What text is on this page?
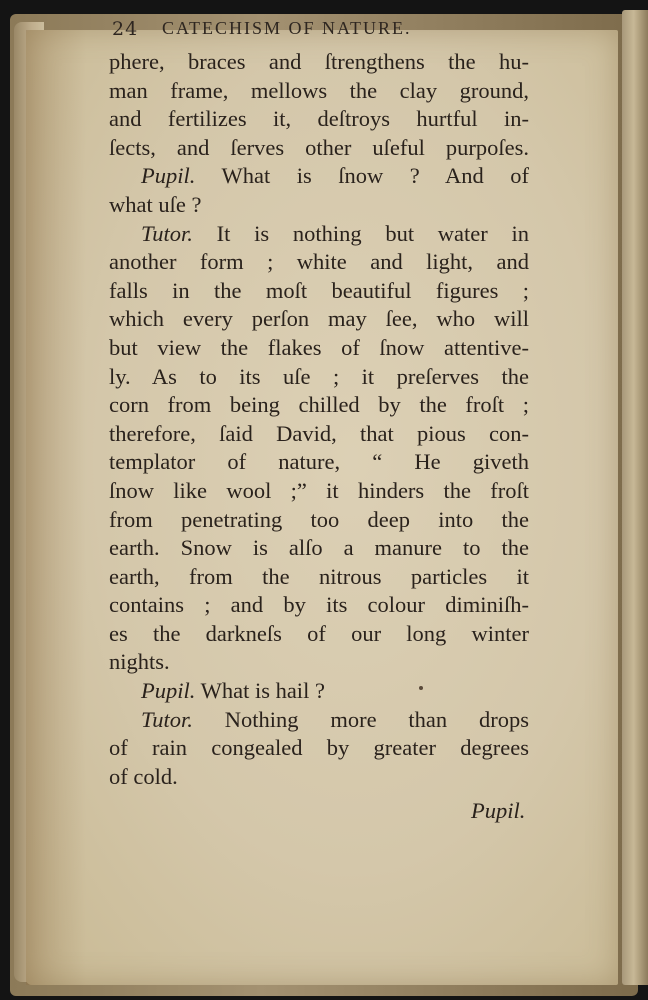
24 CATECHISM OF NATURE.
phere, braces and ſtrengthens the hu-
man frame, mellows the clay ground,
and fertilizes it, deſtroys hurtful in-
ſects, and ſerves other uſeful purpoſes.
Pupil. What is ſnow ? And of
what uſe ?
Tutor. It is nothing but water in
another form ; white and light, and
falls in the moſt beautiful figures ;
which every perſon may ſee, who will
but view the flakes of ſnow attentive-
ly. As to its uſe ; it preſerves the
corn from being chilled by the froſt ;
therefore, ſaid David, that pious con-
templator of nature, “ He giveth
ſnow like wool ;” it hinders the froſt
from penetrating too deep into the
earth. Snow is alſo a manure to the
earth, from the nitrous particles it
contains ; and by its colour diminiſh-
es the darkneſs of our long winter
nights.
Pupil. What is hail ?
Tutor. Nothing more than drops
of rain congealed by greater degrees
of cold.
Pupil.
